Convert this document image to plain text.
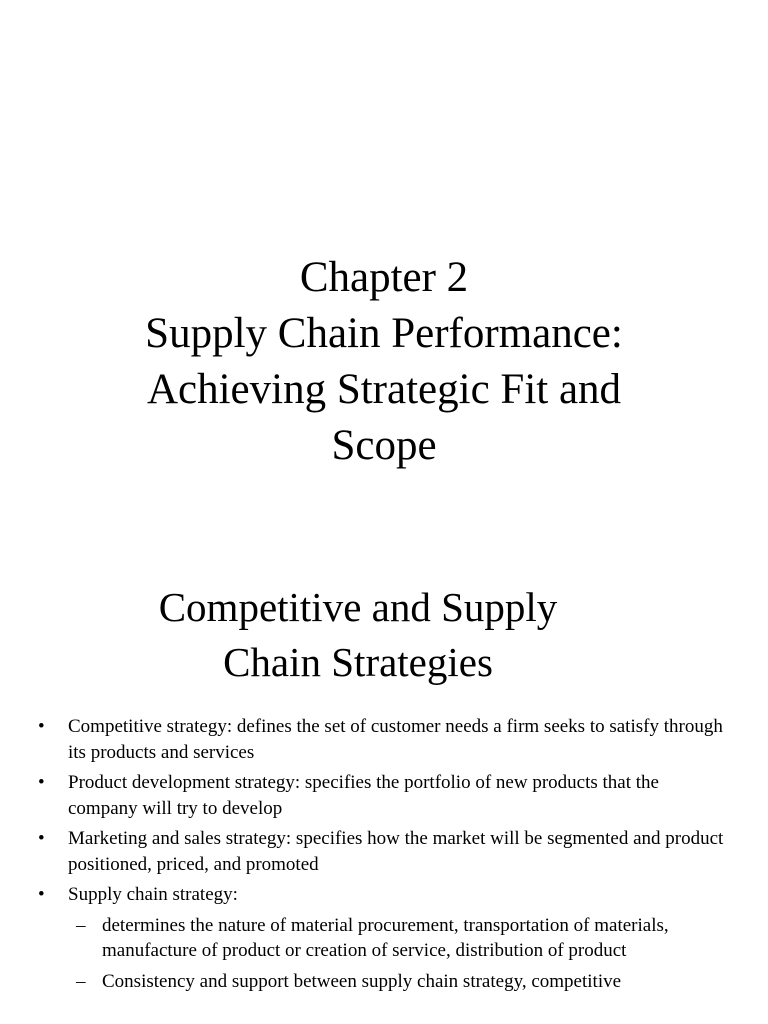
Chapter 2
Supply Chain Performance:
Achieving Strategic Fit and
Scope
Competitive and Supply
Chain Strategies
• Competitive strategy: defines the set of customer needs a firm seeks to satisfy through its products and services
• Product development strategy: specifies the portfolio of new products that the company will try to develop
• Marketing and sales strategy: specifies how the market will be segmented and product positioned, priced, and promoted
• Supply chain strategy:
– determines the nature of material procurement, transportation of materials, manufacture of product or creation of service, distribution of product
– Consistency and support between supply chain strategy, competitive
